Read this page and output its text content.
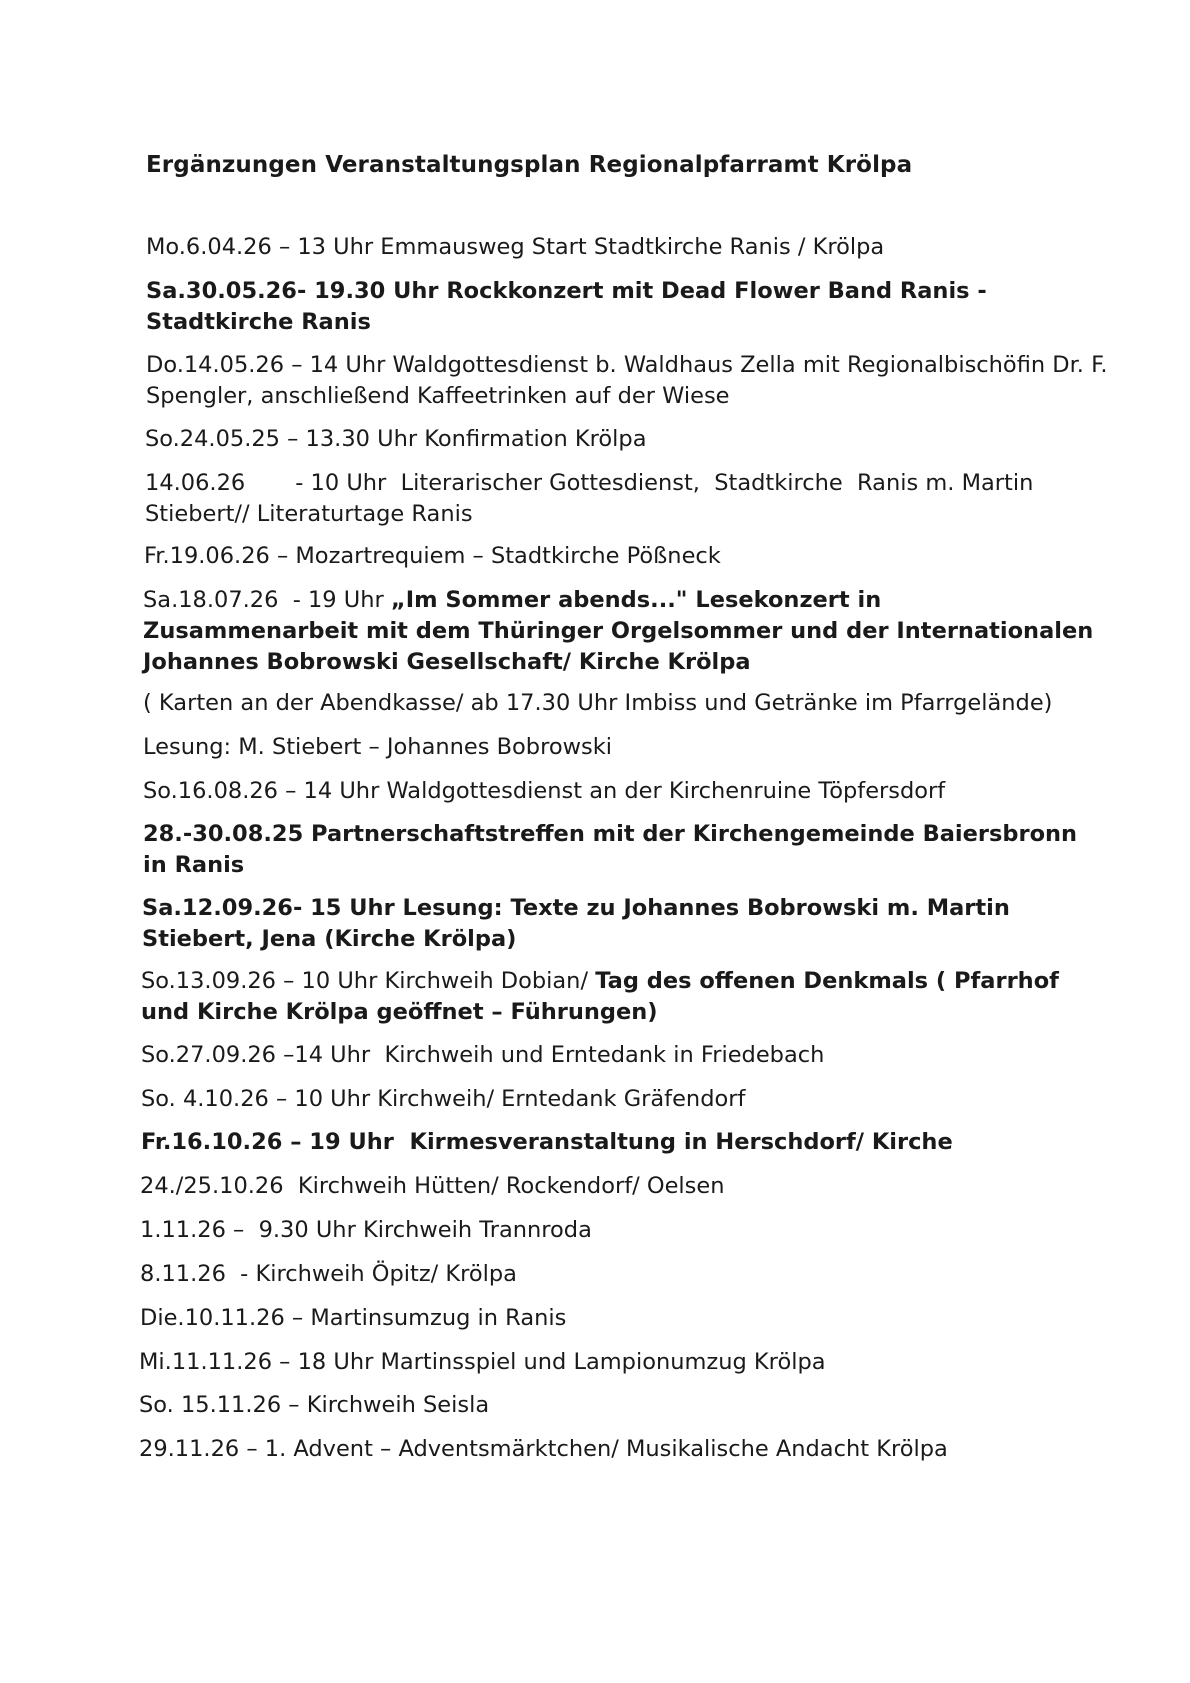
Ergänzungen Veranstaltungsplan Regionalpfarramt Krölpa
Mo.6.04.26 – 13 Uhr Emmausweg Start Stadtkirche Ranis / Krölpa
Sa.30.05.26- 19.30 Uhr Rockkonzert mit Dead Flower Band Ranis -
Stadtkirche Ranis
Do.14.05.26 – 14 Uhr Waldgottesdienst b. Waldhaus Zella mit Regionalbischöfin Dr. F.
Spengler, anschließend Kaffeetrinken auf der Wiese
So.24.05.25 – 13.30 Uhr Konfirmation Krölpa
14.06.26       - 10 Uhr  Literarischer Gottesdienst,  Stadtkirche  Ranis m. Martin
Stiebert// Literaturtage Ranis
Fr.19.06.26 – Mozartrequiem – Stadtkirche Pößneck
Sa.18.07.26  - 19 Uhr „Im Sommer abends..." Lesekonzert in
Zusammenarbeit mit dem Thüringer Orgelsommer und der Internationalen
Johannes Bobrowski Gesellschaft/ Kirche Krölpa
( Karten an der Abendkasse/ ab 17.30 Uhr Imbiss und Getränke im Pfarrgelände)
Lesung: M. Stiebert – Johannes Bobrowski
So.16.08.26 – 14 Uhr Waldgottesdienst an der Kirchenruine Töpfersdorf
28.-30.08.25 Partnerschaftstreffen mit der Kirchengemeinde Baiersbronn
in Ranis
Sa.12.09.26- 15 Uhr Lesung: Texte zu Johannes Bobrowski m. Martin
Stiebert, Jena (Kirche Krölpa)
So.13.09.26 – 10 Uhr Kirchweih Dobian/ Tag des offenen Denkmals ( Pfarrhof
und Kirche Krölpa geöffnet – Führungen)
So.27.09.26 –14 Uhr  Kirchweih und Erntedank in Friedebach
So. 4.10.26 – 10 Uhr Kirchweih/ Erntedank Gräfendorf
Fr.16.10.26 – 19 Uhr  Kirmesveranstaltung in Herschdorf/ Kirche
24./25.10.26  Kirchweih Hütten/ Rockendorf/ Oelsen
1.11.26 –  9.30 Uhr Kirchweih Trannroda
8.11.26  - Kirchweih Öpitz/ Krölpa
Die.10.11.26 – Martinsumzug in Ranis
Mi.11.11.26 – 18 Uhr Martinsspiel und Lampionumzug Krölpa
So. 15.11.26 – Kirchweih Seisla
29.11.26 – 1. Advent – Adventsmärktchen/ Musikalische Andacht Krölpa
